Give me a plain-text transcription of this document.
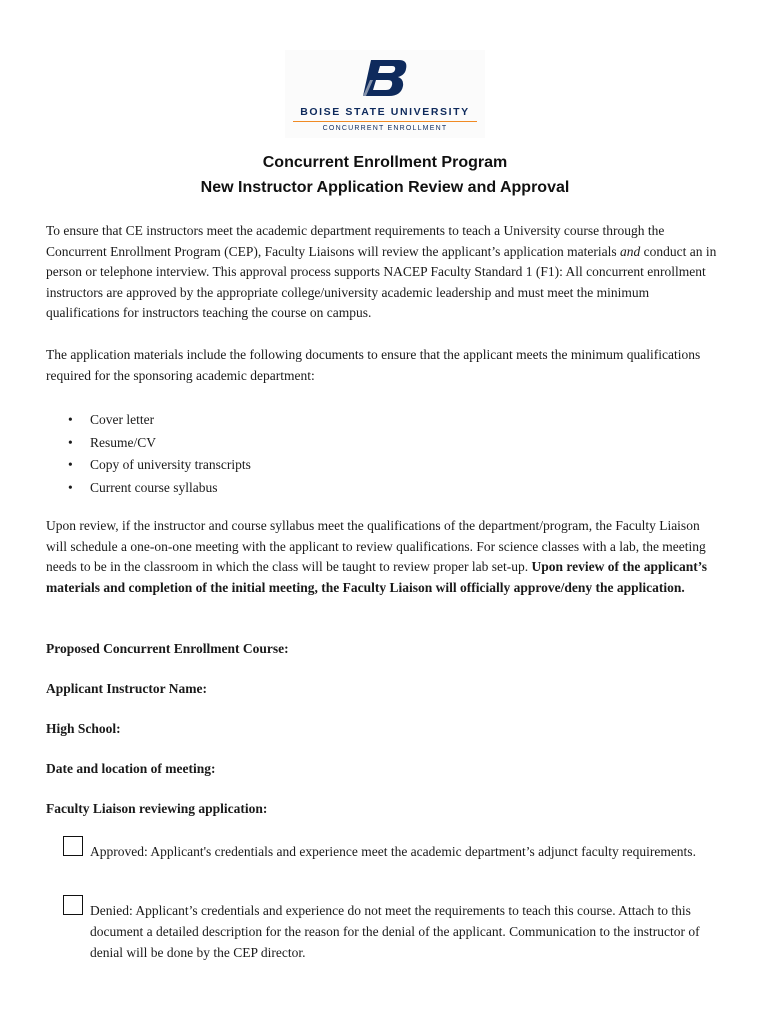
BOISE STATE UNIVERSITY
CONCURRENT ENROLLMENT
Concurrent Enrollment Program
New Instructor Application Review and Approval
To ensure that CE instructors meet the academic department requirements to teach a University course through the Concurrent Enrollment Program (CEP), Faculty Liaisons will review the applicant’s application materials and conduct an in person or telephone interview. This approval process supports NACEP Faculty Standard 1 (F1): All concurrent enrollment instructors are approved by the appropriate college/university academic leadership and must meet the minimum qualifications for instructors teaching the course on campus.
The application materials include the following documents to ensure that the applicant meets the minimum qualifications required for the sponsoring academic department:
• Cover letter
• Resume/CV
• Copy of university transcripts
• Current course syllabus
Upon review, if the instructor and course syllabus meet the qualifications of the department/program, the Faculty Liaison will schedule a one-on-one meeting with the applicant to review qualifications. For science classes with a lab, the meeting needs to be in the classroom in which the class will be taught to review proper lab set-up. Upon review of the applicant’s materials and completion of the initial meeting, the Faculty Liaison will officially approve/deny the application.
Proposed Concurrent Enrollment Course:
Applicant Instructor Name:
High School:
Date and location of meeting:
Faculty Liaison reviewing application:
Approved: Applicant's credentials and experience meet the academic department’s adjunct faculty requirements.
Denied: Applicant’s credentials and experience do not meet the requirements to teach this course. Attach to this document a detailed description for the reason for the denial of the applicant. Communication to the instructor of denial will be done by the CEP director.
